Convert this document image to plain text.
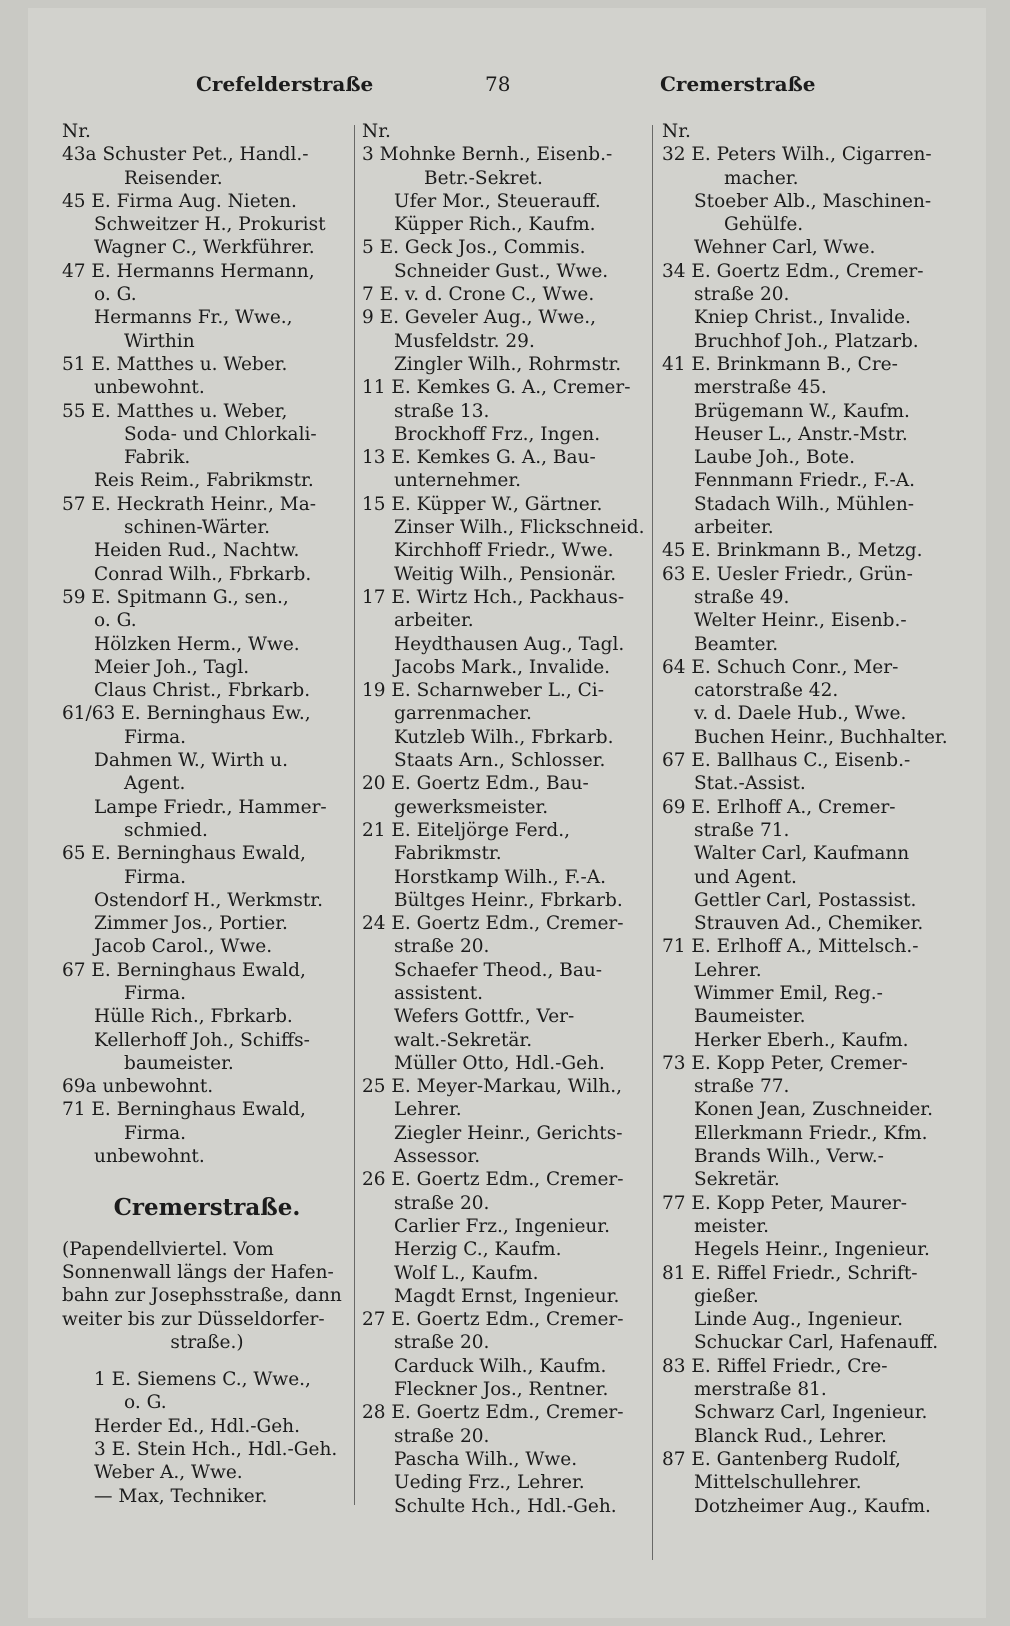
Crefelderstraße	78	Cremerstraße
Nr.
43a Schuster Pet., Handl.-
Reisender.
45 E. Firma Aug. Nieten.
Schweitzer H., Prokurist
Wagner C., Werkführer.
47 E. Hermanns Hermann,
o. G.
Hermanns Fr., Wwe.,
Wirthin
51 E. Matthes u. Weber.
unbewohnt.
55 E. Matthes u. Weber,
Soda- und Chlorkali-
Fabrik.
Reis Reim., Fabrikmstr.
57 E. Heckrath Heinr., Ma-
schinen-Wärter.
Heiden Rud., Nachtw.
Conrad Wilh., Fbrkarb.
59 E. Spitmann G., sen.,
o. G.
Hölzken Herm., Wwe.
Meier Joh., Tagl.
Claus Christ., Fbrkarb.
61/63 E. Berninghaus Ew.,
Firma.
Dahmen W., Wirth u.
Agent.
Lampe Friedr., Hammer-
schmied.
65 E. Berninghaus Ewald,
Firma.
Ostendorf H., Werkmstr.
Zimmer Jos., Portier.
Jacob Carol., Wwe.
67 E. Berninghaus Ewald,
Firma.
Hülle Rich., Fbrkarb.
Kellerhoff Joh., Schiffs-
baumeister.
69a unbewohnt.
71 E. Berninghaus Ewald,
Firma.
unbewohnt.
Cremerstraße.
(Papendellviertel. Vom
Sonnenwall längs der Hafen-
bahn zur Josephsstraße, dann
weiter bis zur Düsseldorfer-
straße.)
1 E. Siemens C., Wwe.,
o. G.
Herder Ed., Hdl.-Geh.
3 E. Stein Hch., Hdl.-Geh.
Weber A., Wwe.
— Max, Techniker.
Nr.
3 Mohnke Bernh., Eisenb.-
Betr.-Sekret.
Ufer Mor., Steuerauff.
Küpper Rich., Kaufm.
5 E. Geck Jos., Commis.
Schneider Gust., Wwe.
7 E. v. d. Crone C., Wwe.
9 E. Geveler Aug., Wwe.,
Musfeldstr. 29.
Zingler Wilh., Rohrmstr.
11 E. Kemkes G. A., Cremer-
straße 13.
Brockhoff Frz., Ingen.
13 E. Kemkes G. A., Bau-
unternehmer.
15 E. Küpper W., Gärtner.
Zinser Wilh., Flickschneid.
Kirchhoff Friedr., Wwe.
Weitig Wilh., Pensionär.
17 E. Wirtz Hch., Packhaus-
arbeiter.
Heydthausen Aug., Tagl.
Jacobs Mark., Invalide.
19 E. Scharnweber L., Ci-
garrenmacher.
Kutzleb Wilh., Fbrkarb.
Staats Arn., Schlosser.
20 E. Goertz Edm., Bau-
gewerksmeister.
21 E. Eiteljörge Ferd.,
Fabrikmstr.
Horstkamp Wilh., F.-A.
Bültges Heinr., Fbrkarb.
24 E. Goertz Edm., Cremer-
straße 20.
Schaefer Theod., Bau-
assistent.
Wefers Gottfr., Ver-
walt.-Sekretär.
Müller Otto, Hdl.-Geh.
25 E. Meyer-Markau, Wilh.,
Lehrer.
Ziegler Heinr., Gerichts-
Assessor.
26 E. Goertz Edm., Cremer-
straße 20.
Carlier Frz., Ingenieur.
Herzig C., Kaufm.
Wolf L., Kaufm.
Magdt Ernst, Ingenieur.
27 E. Goertz Edm., Cremer-
straße 20.
Carduck Wilh., Kaufm.
Fleckner Jos., Rentner.
28 E. Goertz Edm., Cremer-
straße 20.
Pascha Wilh., Wwe.
Ueding Frz., Lehrer.
Schulte Hch., Hdl.-Geh.
Nr.
32 E. Peters Wilh., Cigarren-
macher.
Stoeber Alb., Maschinen-
Gehülfe.
Wehner Carl, Wwe.
34 E. Goertz Edm., Cremer-
straße 20.
Kniep Christ., Invalide.
Bruchhof Joh., Platzarb.
41 E. Brinkmann B., Cre-
merstraße 45.
Brügemann W., Kaufm.
Heuser L., Anstr.-Mstr.
Laube Joh., Bote.
Fennmann Friedr., F.-A.
Stadach Wilh., Mühlen-
arbeiter.
45 E. Brinkmann B., Metzg.
63 E. Uesler Friedr., Grün-
straße 49.
Welter Heinr., Eisenb.-
Beamter.
64 E. Schuch Conr., Mer-
catorstraße 42.
v. d. Daele Hub., Wwe.
Buchen Heinr., Buchhalter.
67 E. Ballhaus C., Eisenb.-
Stat.-Assist.
69 E. Erlhoff A., Cremer-
straße 71.
Walter Carl, Kaufmann
und Agent.
Gettler Carl, Postassist.
Strauven Ad., Chemiker.
71 E. Erlhoff A., Mittelsch.-
Lehrer.
Wimmer Emil, Reg.-
Baumeister.
Herker Eberh., Kaufm.
73 E. Kopp Peter, Cremer-
straße 77.
Konen Jean, Zuschneider.
Ellerkmann Friedr., Kfm.
Brands Wilh., Verw.-
Sekretär.
77 E. Kopp Peter, Maurer-
meister.
Hegels Heinr., Ingenieur.
81 E. Riffel Friedr., Schrift-
gießer.
Linde Aug., Ingenieur.
Schuckar Carl, Hafenauff.
83 E. Riffel Friedr., Cre-
merstraße 81.
Schwarz Carl, Ingenieur.
Blanck Rud., Lehrer.
87 E. Gantenberg Rudolf,
Mittelschullehrer.
Dotzheimer Aug., Kaufm.
